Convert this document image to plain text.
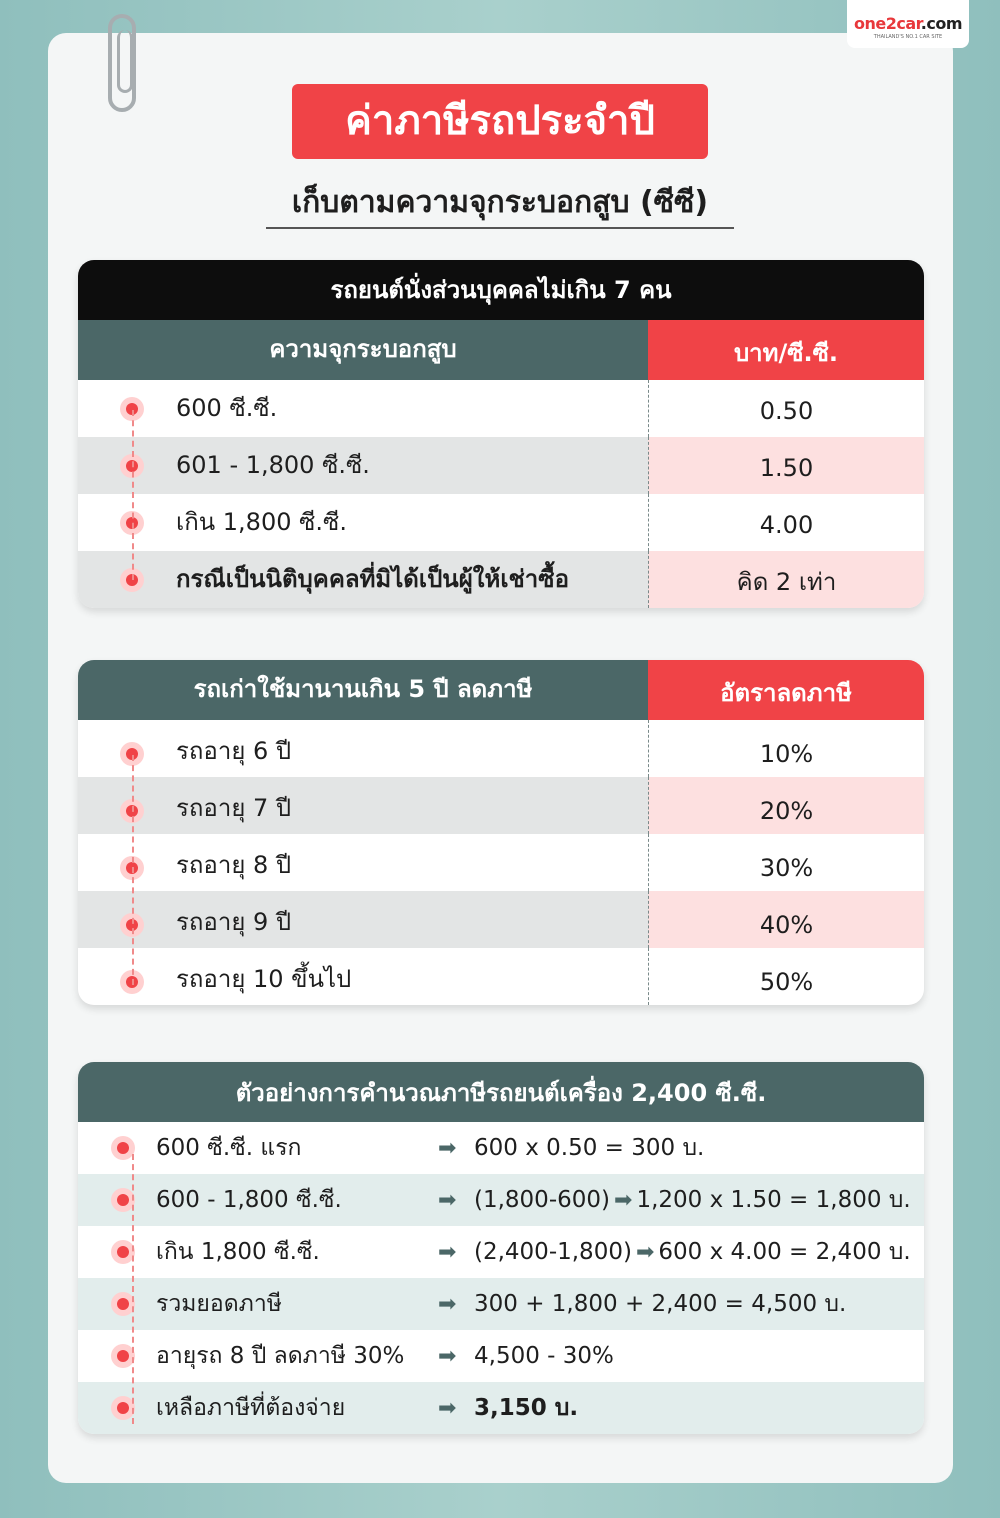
one2car.com
THAILAND'S NO.1 CAR SITE
ค่าภาษีรถประจำปี
เก็บตามความจุกระบอกสูบ (ซีซี)
รถยนต์นั่งส่วนบุคคลไม่เกิน 7 คน
ความจุกระบอกสูบ	บาท/ซี.ซี.
600 ซี.ซี.	0.50
601 - 1,800 ซี.ซี.	1.50
เกิน 1,800 ซี.ซี.	4.00
กรณีเป็นนิติบุคคลที่มิได้เป็นผู้ให้เช่าซื้อ	คิด 2 เท่า
รถเก่าใช้มานานเกิน 5 ปี ลดภาษี	อัตราลดภาษี
รถอายุ 6 ปี	10%
รถอายุ 7 ปี	20%
รถอายุ 8 ปี	30%
รถอายุ 9 ปี	40%
รถอายุ 10 ขึ้นไป	50%
ตัวอย่างการคำนวณภาษีรถยนต์เครื่อง 2,400 ซี.ซี.
600 ซี.ซี. แรก	➡ 600 x 0.50 = 300 บ.
600 - 1,800 ซี.ซี.	➡ (1,800-600) ➡ 1,200 x 1.50 = 1,800 บ.
เกิน 1,800 ซี.ซี.	➡ (2,400-1,800) ➡ 600 x 4.00 = 2,400 บ.
รวมยอดภาษี	➡ 300 + 1,800 + 2,400 = 4,500 บ.
อายุรถ 8 ปี ลดภาษี 30%	➡ 4,500 - 30%
เหลือภาษีที่ต้องจ่าย	➡ 3,150 บ.
